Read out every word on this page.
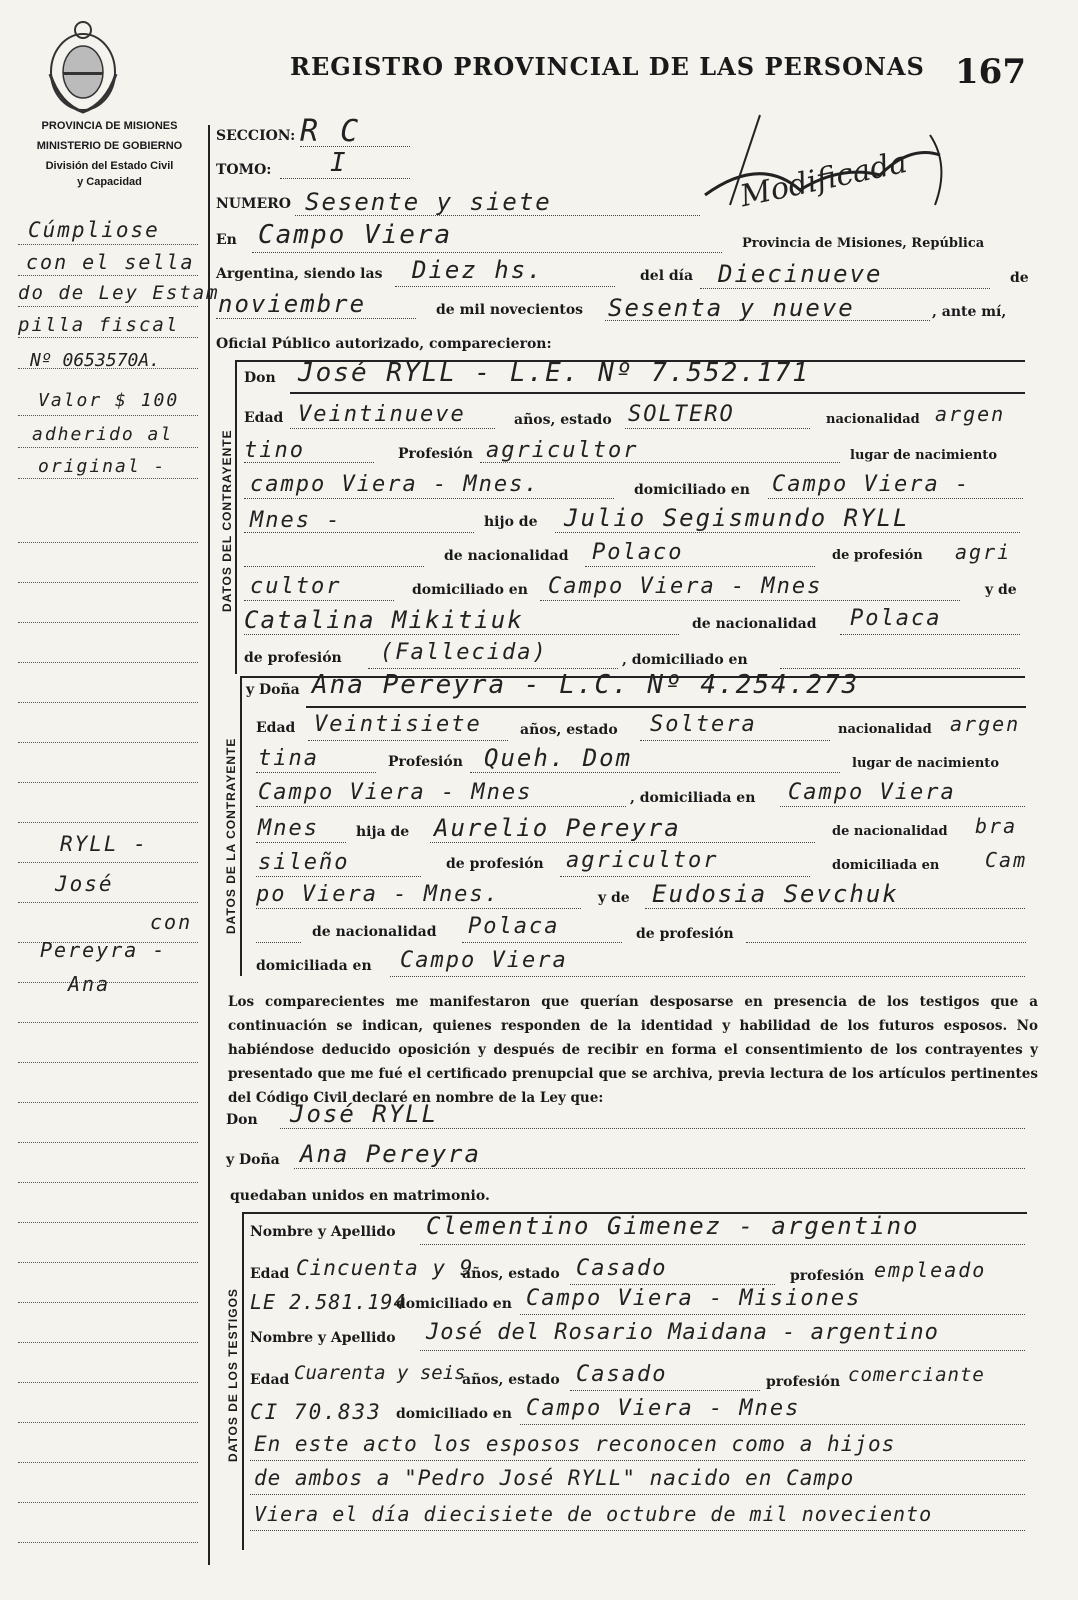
REGISTRO PROVINCIAL DE LAS PERSONAS 167
PROVINCIA DE MISIONES
MINISTERIO DE GOBIERNO
División del Estado Civil
y Capacidad
Cúmpliose
con el sella
do de Ley Estam
pilla fiscal
Nº 0653570A.
Valor $ 100
adherido al
original -
RYLL -
José
con
Pereyra -
Ana
SECCION: R C
TOMO: I	Modificada
NUMERO Sesente y siete
En Campo Viera	Provincia de Misiones, República
Argentina, siendo las Diez hs.	del día Diecinueve	de
noviembre	de mil novecientos Sesenta y nueve	, ante mí,
Oficial Público autorizado, comparecieron:
DATOS DEL CONTRAYENTE
Don José RYLL - L.E. Nº 7.552.171
Edad Veintinueve	años, estado SOLTERO	nacionalidad argen
tino	Profesión agricultor	lugar de nacimiento
campo Viera - Mnes.	domiciliado en Campo Viera -
Mnes -	hijo de Julio Segismundo RYLL
de nacionalidad Polaco	de profesión agri
cultor	domiciliado en Campo Viera - Mnes	y de
Catalina Mikitiuk	de nacionalidad Polaca
de profesión (Fallecida)	, domiciliado en
DATOS DE LA CONTRAYENTE
y Doña Ana Pereyra - L.C. Nº 4.254.273
Edad Veintisiete	años, estado Soltera	nacionalidad argen
tina	Profesión Queh. Dom	lugar de nacimiento
Campo Viera - Mnes	, domiciliada en Campo Viera
Mnes	hija de Aurelio Pereyra	de nacionalidad bra
sileño	de profesión agricultor	domiciliada en Cam
po Viera - Mnes.	y de Eudosia Sevchuk
de nacionalidad Polaca	de profesión
domiciliada en Campo Viera
Los comparecientes me manifestaron que querían desposarse en presencia de los testigos que a continuación se indican, quienes responden de la identidad y habilidad de los futuros esposos. No habiéndose deducido oposición y después de recibir en forma el consentimiento de los contrayentes y presentado que me fué el certificado prenupcial que se archiva, previa lectura de los artículos pertinentes del Código Civil declaré en nombre de la Ley que:
Don José RYLL
y Doña Ana Pereyra
quedaban unidos en matrimonio.
DATOS DE LOS TESTIGOS
Nombre y Apellido Clementino Gimenez - argentino
Edad Cincuenta y 9
años, estado Casado	profesión empleado
LE 2.581.194
domiciliado en Campo Viera - Misiones
Nombre y Apellido José del Rosario Maidana - argentino
Edad Cuarenta y seis
años, estado Casado	profesión comerciante
CI 70.833 domiciliado en Campo Viera - Mnes
En este acto los esposos reconocen como a hijos
de ambos a "Pedro José RYLL" nacido en Campo
Viera el día diecisiete de octubre de mil noveciento
